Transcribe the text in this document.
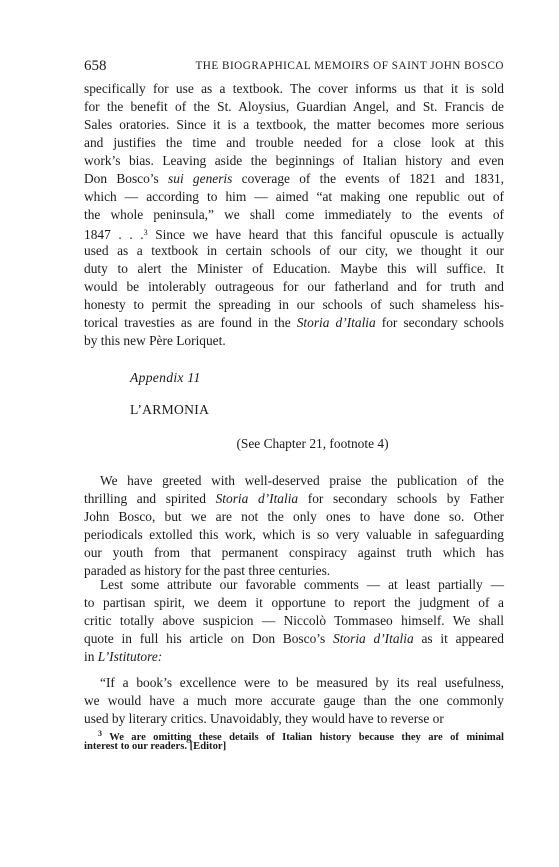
658	THE BIOGRAPHICAL MEMOIRS OF SAINT JOHN BOSCO
specifically for use as a textbook. The cover informs us that it is sold
for the benefit of the St. Aloysius, Guardian Angel, and St. Francis de
Sales oratories. Since it is a textbook, the matter becomes more serious
and justifies the time and trouble needed for a close look at this
work’s bias. Leaving aside the beginnings of Italian history and even
Don Bosco’s sui generis coverage of the events of 1821 and 1831,
which — according to him — aimed “at making one republic out of
the whole peninsula,” we shall come immediately to the events of
1847 . . .$^3$ Since we have heard that this fanciful opuscule is actually
used as a textbook in certain schools of our city, we thought it our
duty to alert the Minister of Education. Maybe this will suffice. It
would be intolerably outrageous for our fatherland and for truth and
honesty to permit the spreading in our schools of such shameless his-
torical travesties as are found in the Storia d’Italia for secondary schools
by this new Père Loriquet.
Appendix 11
L’ARMONIA
(See Chapter 21, footnote 4)
We have greeted with well-deserved praise the publication of the
thrilling and spirited Storia d’Italia for secondary schools by Father
John Bosco, but we are not the only ones to have done so. Other
periodicals extolled this work, which is so very valuable in safeguarding
our youth from that permanent conspiracy against truth which has
paraded as history for the past three centuries.
Lest some attribute our favorable comments — at least partially —
to partisan spirit, we deem it opportune to report the judgment of a
critic totally above suspicion — Niccolò Tommaseo himself. We shall
quote in full his article on Don Bosco’s Storia d’Italia as it appeared
in L’Istitutore:
“If a book’s excellence were to be measured by its real usefulness,
we would have a much more accurate gauge than the one commonly
used by literary critics. Unavoidably, they would have to reverse or
$^3$ We are omitting these details of Italian history because they are of minimal
interest to our readers. [Editor]
